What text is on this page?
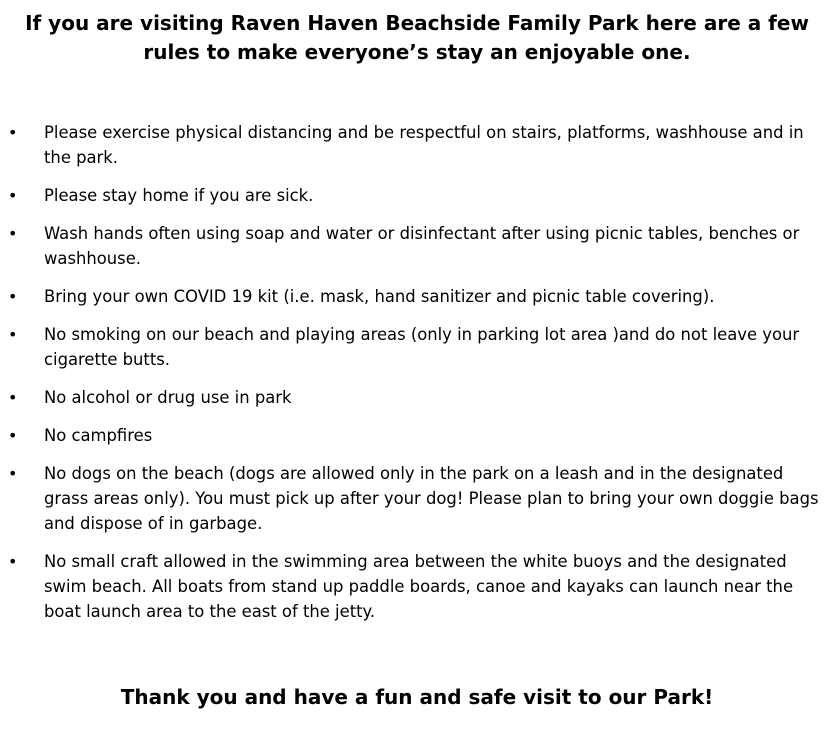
If you are visiting Raven Haven Beachside Family Park here are a few rules to make everyone’s stay an enjoyable one.
• Please exercise physical distancing and be respectful on stairs, platforms, washhouse and in the park.
• Please stay home if you are sick.
• Wash hands often using soap and water or disinfectant after using picnic tables, benches or washhouse.
• Bring your own COVID 19 kit (i.e. mask, hand sanitizer and picnic table covering).
• No smoking on our beach and playing areas (only in parking lot area )and do not leave your cigarette butts.
• No alcohol or drug use in park
• No campfires
• No dogs on the beach (dogs are allowed only in the park on a leash and in the designated grass areas only). You must pick up after your dog! Please plan to bring your own doggie bags and dispose of in garbage.
• No small craft allowed in the swimming area between the white buoys and the designated swim beach. All boats from stand up paddle boards, canoe and kayaks can launch near the boat launch area to the east of the jetty.

Thank you and have a fun and safe visit to our Park!
